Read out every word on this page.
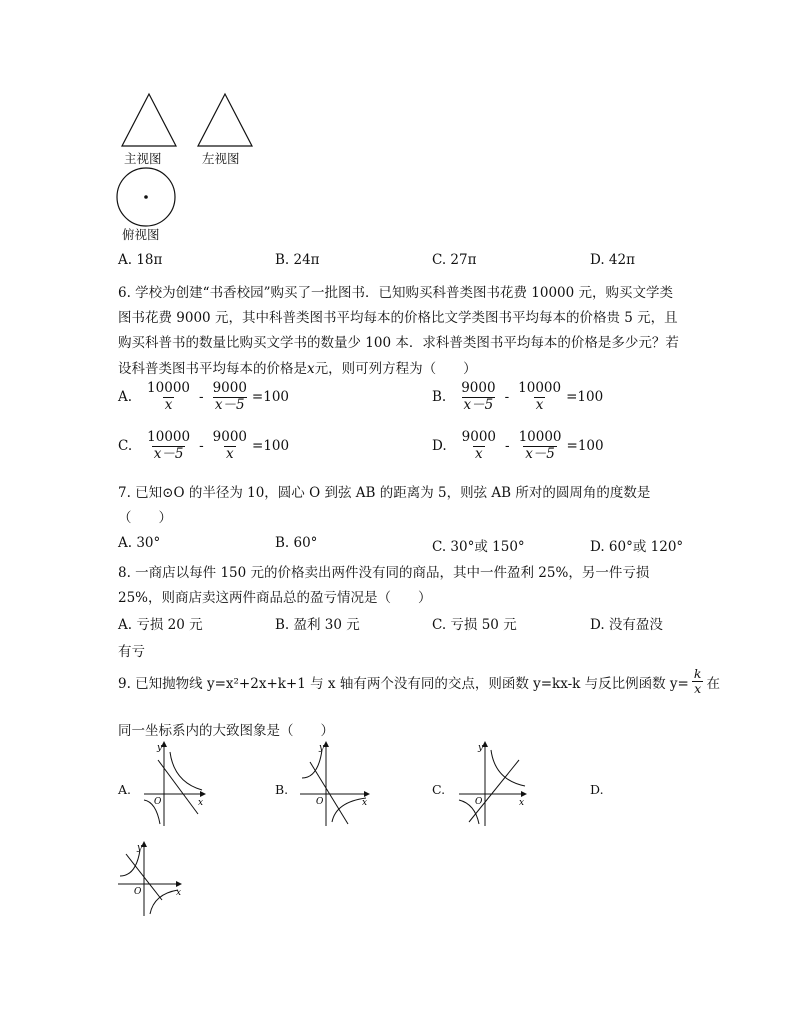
主视图	左视图
俯视图
A. 18π	B. 24π	C. 27π	D. 42π
6. 学校为创建“书香校园”购买了一批图书．已知购买科普类图书花费 10000 元，购买文学类
图书花费 9000 元，其中科普类图书平均每本的价格比文学类图书平均每本的价格贵 5 元，且
购买科普书的数量比购买文学书的数量少 100 本．求科普类图书平均每本的价格是多少元？若
设科普类图书平均每本的价格是x元，则可列方程为（　　）
A. $\frac{10000}{x} - \frac{9000}{x-5} =100$	B. $\frac{9000}{x-5} - \frac{10000}{x} =100$
C. $\frac{10000}{x-5} - \frac{9000}{x} =100$	D. $\frac{9000}{x} - \frac{10000}{x-5} =100$
7. 已知⊙O 的半径为 10，圆心 O 到弦 AB 的距离为 5，则弦 AB 所对的圆周角的度数是
（　　）
A. 30°	B. 60°	C. 30°或 150°	D. 60°或 120°
8. 一商店以每件 150 元的价格卖出两件没有同的商品，其中一件盈利 25%，另一件亏损
25%，则商店卖这两件商品总的盈亏情况是（　　）
A. 亏损 20 元	B. 盈利 30 元	C. 亏损 50 元	D. 没有盈没
有亏
9. 已知抛物线 y=x²+2x+k+1 与 x 轴有两个没有同的交点，则函数 y=kx-k 与反比例函数 $y= \frac{k}{x}$ 在
同一坐标系内的大致图象是（　　）
A.	B.	C.	D.
y
x
O
y
x
O
y
x
O
y
x
O
